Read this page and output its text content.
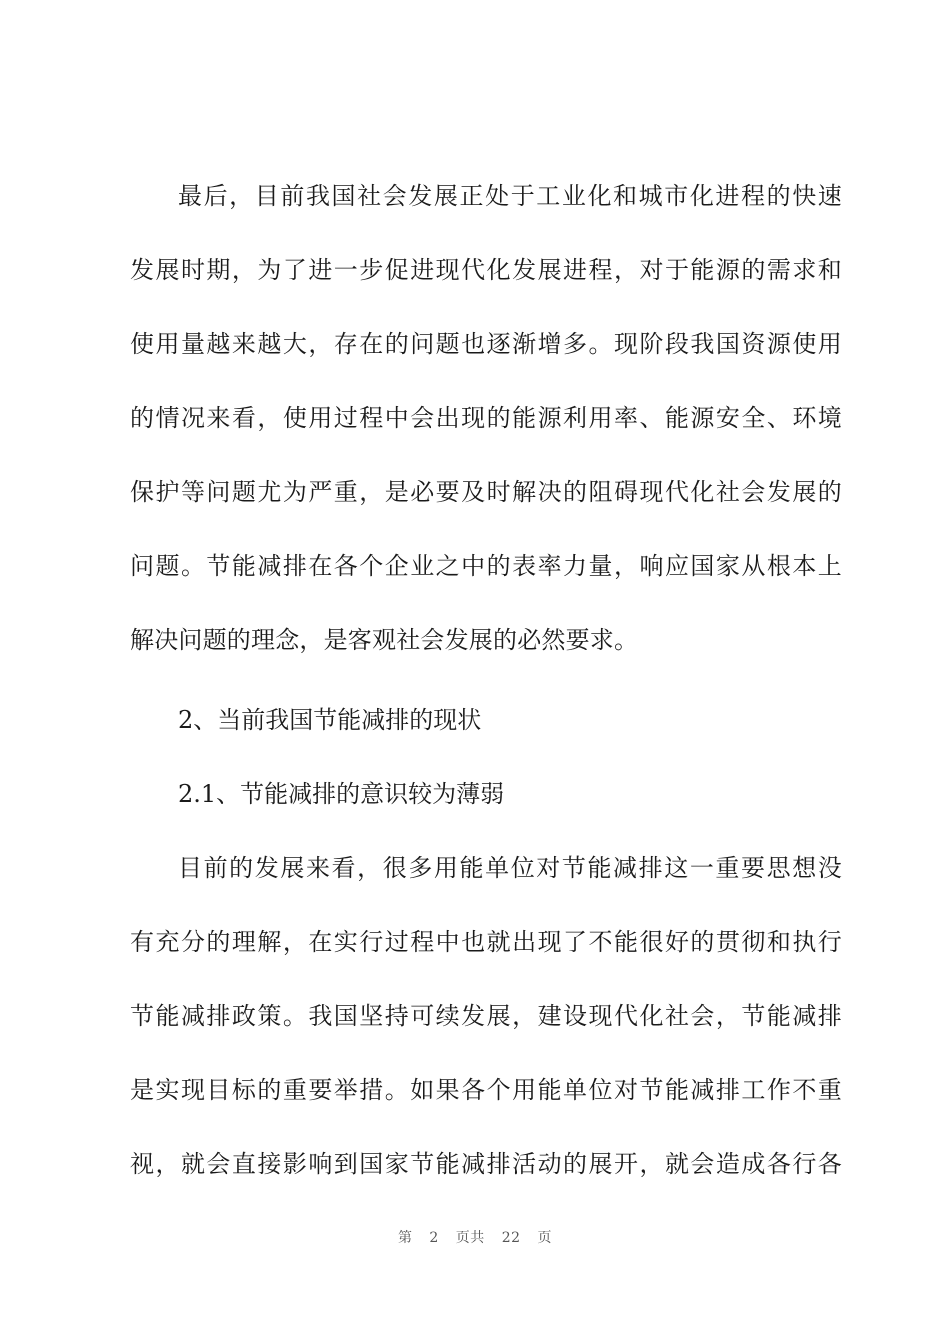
最后，目前我国社会发展正处于工业化和城市化进程的快速
发展时期，为了进一步促进现代化发展进程，对于能源的需求和
使用量越来越大，存在的问题也逐渐增多。现阶段我国资源使用
的情况来看，使用过程中会出现的能源利用率、能源安全、环境
保护等问题尤为严重，是必要及时解决的阻碍现代化社会发展的
问题。节能减排在各个企业之中的表率力量，响应国家从根本上
解决问题的理念，是客观社会发展的必然要求。
2、当前我国节能减排的现状
2.1、节能减排的意识较为薄弱
目前的发展来看，很多用能单位对节能减排这一重要思想没
有充分的理解，在实行过程中也就出现了不能很好的贯彻和执行
节能减排政策。我国坚持可续发展，建设现代化社会，节能减排
是实现目标的重要举措。如果各个用能单位对节能减排工作不重
视，就会直接影响到国家节能减排活动的展开，就会造成各行各
第 2 页共 22 页
